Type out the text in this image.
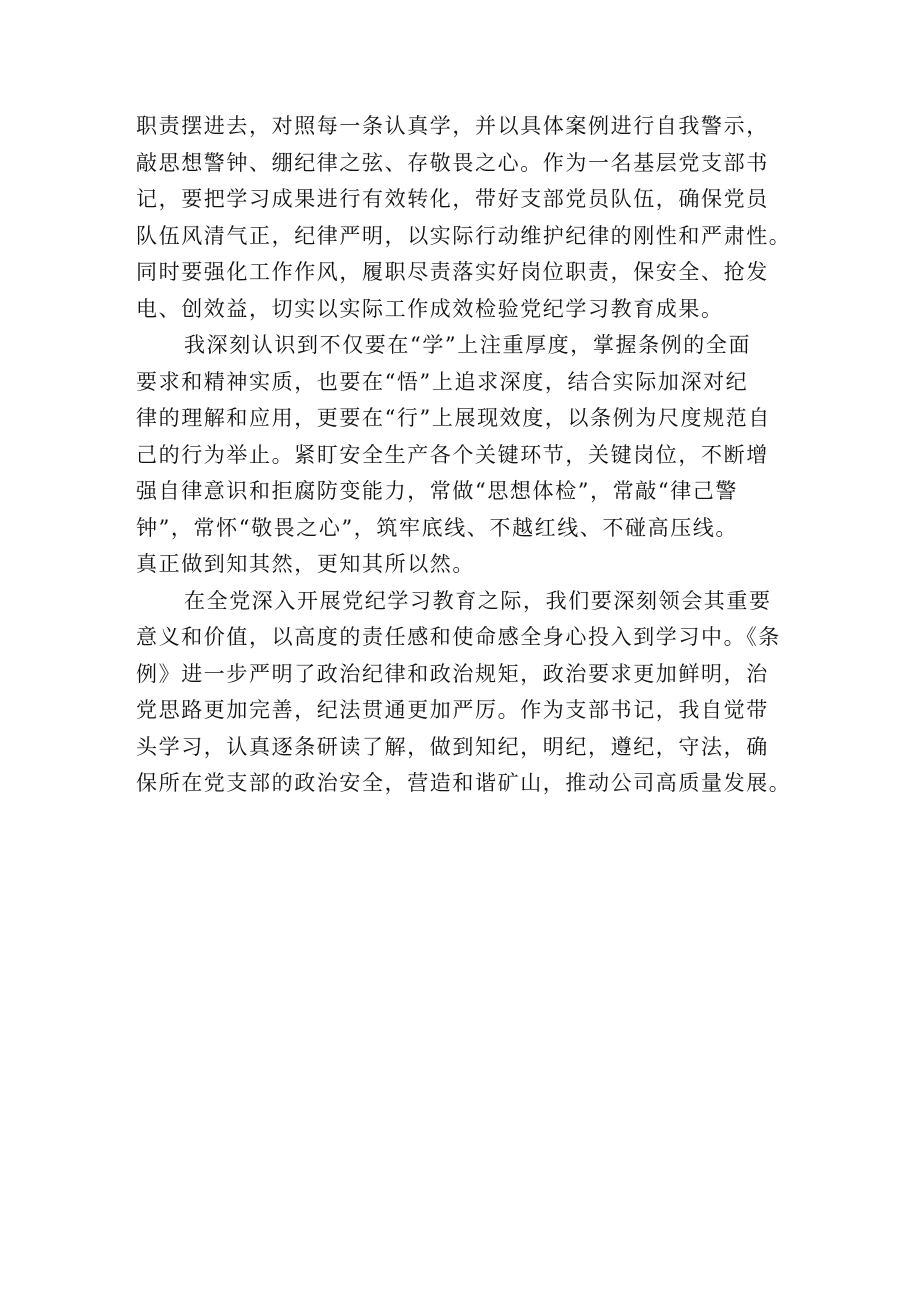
职责摆进去，对照每一条认真学，并以具体案例进行自我警示，
敲思想警钟、绷纪律之弦、存敬畏之心。作为一名基层党支部书
记，要把学习成果进行有效转化，带好支部党员队伍，确保党员
队伍风清气正，纪律严明，以实际行动维护纪律的刚性和严肃性。
同时要强化工作作风，履职尽责落实好岗位职责，保安全、抢发
电、创效益，切实以实际工作成效检验党纪学习教育成果。
我深刻认识到不仅要在“学”上注重厚度，掌握条例的全面
要求和精神实质，也要在“悟”上追求深度，结合实际加深对纪
律的理解和应用，更要在“行”上展现效度，以条例为尺度规范自
己的行为举止。紧盯安全生产各个关键环节，关键岗位，不断增
强自律意识和拒腐防变能力，常做“思想体检”，常敲“律己警
钟”，常怀“敬畏之心”，筑牢底线、不越红线、不碰高压线。
真正做到知其然，更知其所以然。
在全党深入开展党纪学习教育之际，我们要深刻领会其重要
意义和价值，以高度的责任感和使命感全身心投入到学习中。《条
例》进一步严明了政治纪律和政治规矩，政治要求更加鲜明，治
党思路更加完善，纪法贯通更加严厉。作为支部书记，我自觉带
头学习，认真逐条研读了解，做到知纪，明纪，遵纪，守法，确
保所在党支部的政治安全，营造和谐矿山，推动公司高质量发展。
